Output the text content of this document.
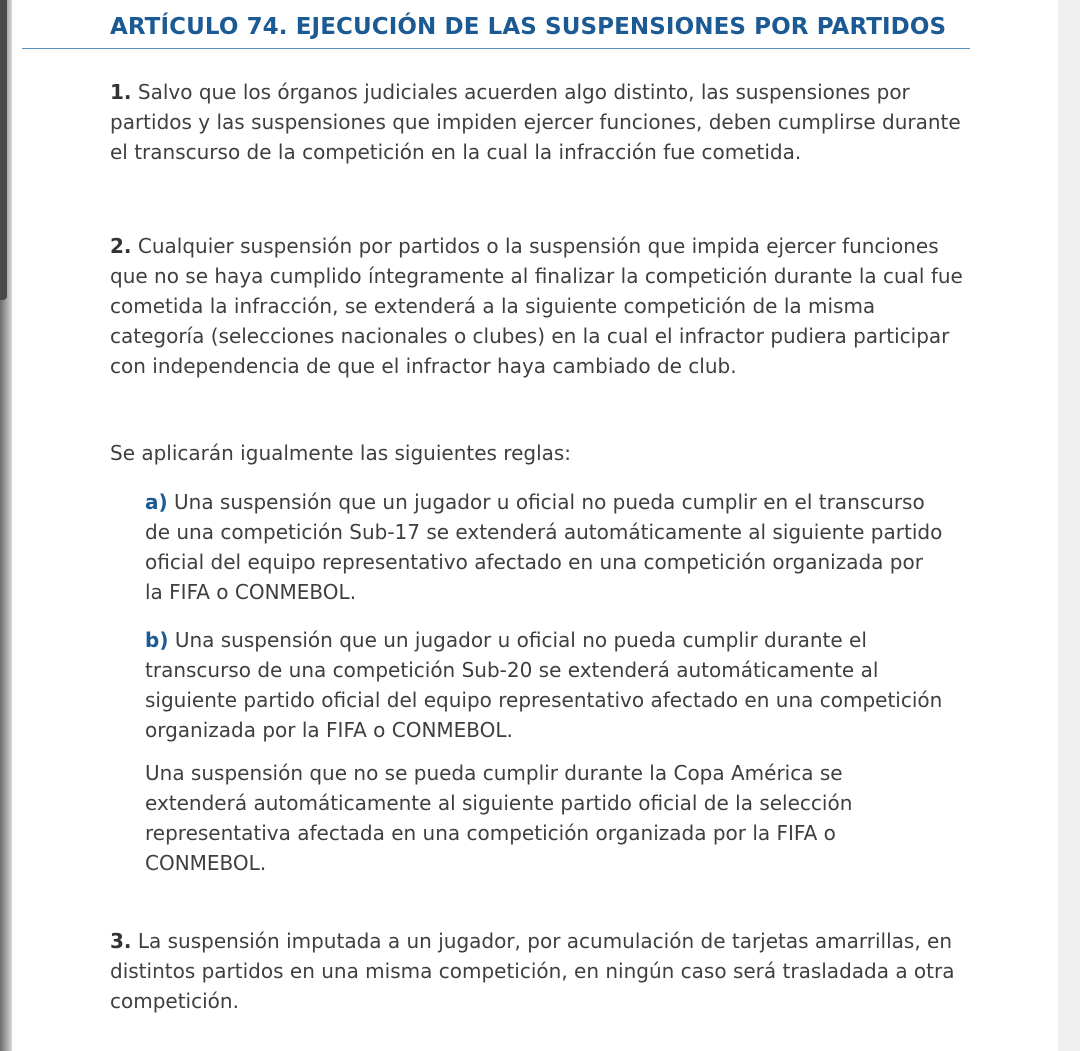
ARTÍCULO 74. EJECUCIÓN DE LAS SUSPENSIONES POR PARTIDOS

1. Salvo que los órganos judiciales acuerden algo distinto, las suspensiones por partidos y las suspensiones que impiden ejercer funciones, deben cumplirse durante el transcurso de la competición en la cual la infracción fue cometida.

2. Cualquier suspensión por partidos o la suspensión que impida ejercer funciones que no se haya cumplido íntegramente al finalizar la competición durante la cual fue cometida la infracción, se extenderá a la siguiente competición de la misma categoría (selecciones nacionales o clubes) en la cual el infractor pudiera participar con independencia de que el infractor haya cambiado de club.

Se aplicarán igualmente las siguientes reglas:

a) Una suspensión que un jugador u oficial no pueda cumplir en el transcurso de una competición Sub-17 se extenderá automáticamente al siguiente partido oficial del equipo representativo afectado en una competición organizada por la FIFA o CONMEBOL.

b) Una suspensión que un jugador u oficial no pueda cumplir durante el transcurso de una competición Sub-20 se extenderá automáticamente al siguiente partido oficial del equipo representativo afectado en una competición organizada por la FIFA o CONMEBOL.

Una suspensión que no se pueda cumplir durante la Copa América se extenderá automáticamente al siguiente partido oficial de la selección representativa afectada en una competición organizada por la FIFA o CONMEBOL.

3. La suspensión imputada a un jugador, por acumulación de tarjetas amarrillas, en distintos partidos en una misma competición, en ningún caso será trasladada a otra competición.
